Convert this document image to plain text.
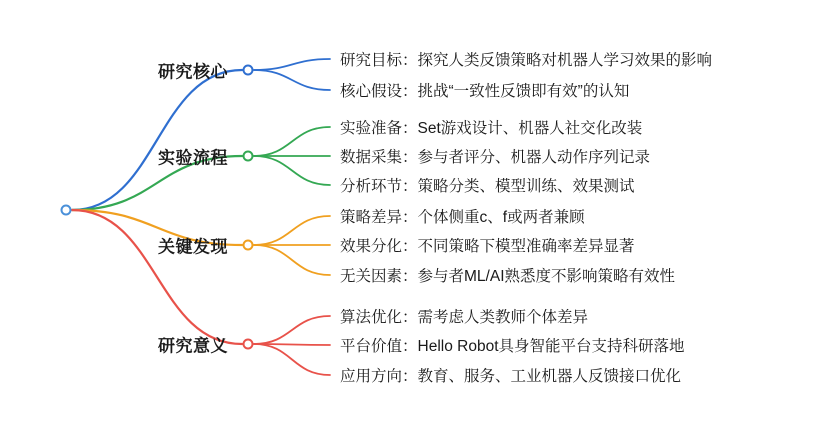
研究核心
研究目标：探究人类反馈策略对机器人学习效果的影响
核心假设：挑战“一致性反馈即有效”的认知
实验流程
实验准备：Set游戏设计、机器人社交化改装
数据采集：参与者评分、机器人动作序列记录
分析环节：策略分类、模型训练、效果测试
关键发现
策略差异：个体侧重c、f或两者兼顾
效果分化：不同策略下模型准确率差异显著
无关因素：参与者ML/AI熟悉度不影响策略有效性
研究意义
算法优化：需考虑人类教师个体差异
平台价值：Hello Robot具身智能平台支持科研落地
应用方向：教育、服务、工业机器人反馈接口优化
